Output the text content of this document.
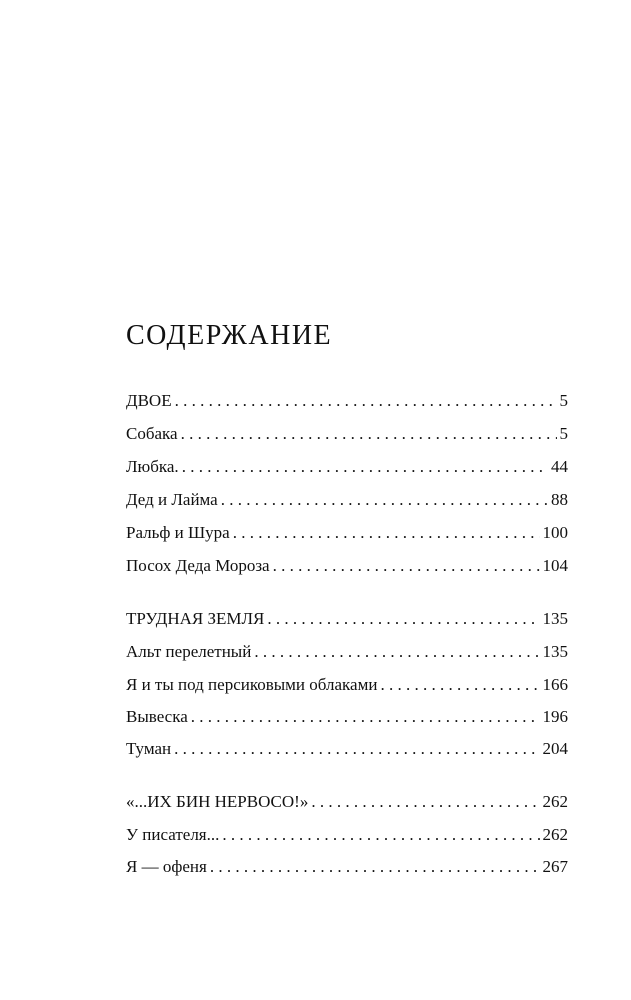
СОДЕРЖАНИЕ
ДВОЕ . . .	5
Собака . . .	5
Любка. . . .	44
Дед и Лайма . . .	88
Ральф и Шура . . .	100
Посох Деда Мороза . . .	104
ТРУДНАЯ ЗЕМЛЯ . . .	135
Альт перелетный . . .	135
Я и ты под персиковыми облаками . . .	166
Вывеска . . .	196
Туман . . .	204
«...ИХ БИН НЕРВОСО!» . . .	262
У писателя... . . .	262
Я — офеня . . .	267
